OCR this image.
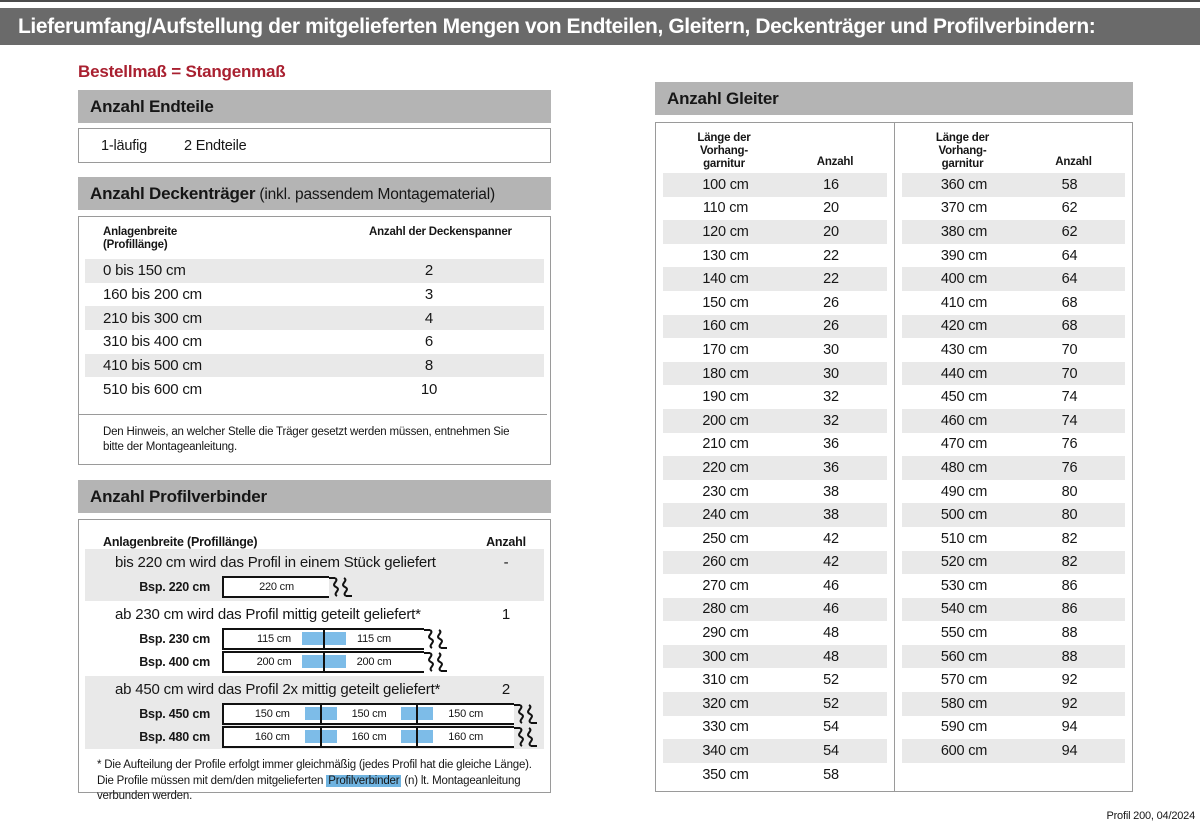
Lieferumfang/Aufstellung der mitgelieferten Mengen von Endteilen, Gleitern, Deckenträger und Profilverbindern:
Bestellmaß = Stangenmaß
Anzahl Endteile
1-läufig	2 Endteile
Anzahl Deckenträger (inkl. passendem Montagematerial)
Anlagenbreite
(Profillänge)
Anzahl der Deckenspanner
0 bis 150 cm	2
160 bis 200 cm	3
210 bis 300 cm	4
310 bis 400 cm	6
410 bis 500 cm	8
510 bis 600 cm	10
Den Hinweis, an welcher Stelle die Träger gesetzt werden müssen, entnehmen Sie bitte der Montageanleitung.
Anzahl Profilverbinder
Anlagenbreite (Profillänge)	Anzahl
bis 220 cm wird das Profil in einem Stück geliefert	-
Bsp. 220 cm	220 cm
ab 230 cm wird das Profil mittig geteilt geliefert*	1
Bsp. 230 cm	115 cm	115 cm
Bsp. 400 cm	200 cm	200 cm
ab 450 cm wird das Profil 2x mittig geteilt geliefert*	2
Bsp. 450 cm	150 cm	150 cm	150 cm
Bsp. 480 cm	160 cm	160 cm	160 cm
* Die Aufteilung der Profile erfolgt immer gleichmäßig (jedes Profil hat die gleiche Länge). Die Profile müssen mit dem/den mitgelieferten Profilverbinder (n) lt. Montageanleitung verbunden werden.
Anzahl Gleiter
Länge der
Vorhang-
garnitur	Anzahl
100 cm	16
110 cm	20
120 cm	20
130 cm	22
140 cm	22
150 cm	26
160 cm	26
170 cm	30
180 cm	30
190 cm	32
200 cm	32
210 cm	36
220 cm	36
230 cm	38
240 cm	38
250 cm	42
260 cm	42
270 cm	46
280 cm	46
290 cm	48
300 cm	48
310 cm	52
320 cm	52
330 cm	54
340 cm	54
350 cm	58
Länge der
Vorhang-
garnitur	Anzahl
360 cm	58
370 cm	62
380 cm	62
390 cm	64
400 cm	64
410 cm	68
420 cm	68
430 cm	70
440 cm	70
450 cm	74
460 cm	74
470 cm	76
480 cm	76
490 cm	80
500 cm	80
510 cm	82
520 cm	82
530 cm	86
540 cm	86
550 cm	88
560 cm	88
570 cm	92
580 cm	92
590 cm	94
600 cm	94
Profil 200, 04/2024
